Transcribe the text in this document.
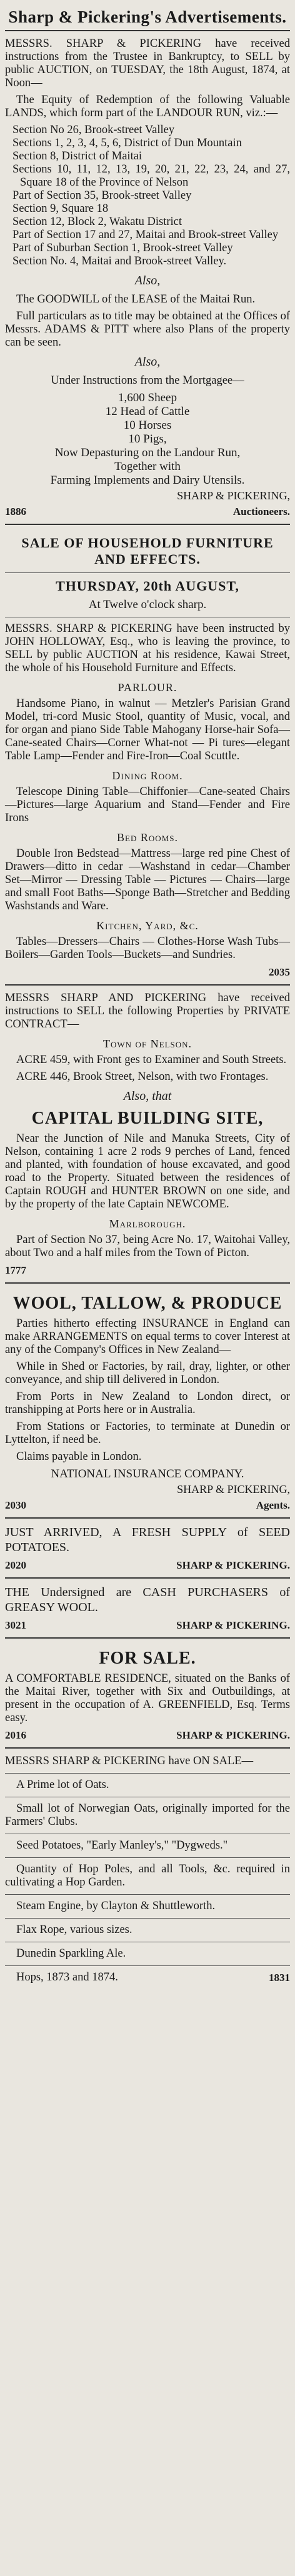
Sharp & Pickering's Advertisements.

MESSRS. SHARP & PICKERING have received instructions from the Trustee in Bankruptcy, to SELL by public AUCTION, on TUESDAY, the 18th August, 1874, at Noon—

The Equity of Redemption of the following Valuable LANDS, which form part of the LANDOUR RUN, viz.:—

Section No 26, Brook-street Valley
Sections 1, 2, 3, 4, 5, 6, District of Dun Mountain
Section 8, District of Maitai
Sections 10, 11, 12, 13, 19, 20, 21, 22, 23, 24, and 27, Square 18 of the Province of Nelson
Part of Section 35, Brook-street Valley
Section 9, Square 18
Section 12, Block 2, Wakatu District
Part of Section 17 and 27, Maitai and Brook-street Valley
Part of Suburban Section 1, Brook-street Valley
Section No. 4, Maitai and Brook-street Valley.
Also,

The GOODWILL of the LEASE of the Maitai Run.

Full particulars as to title may be obtained at the Offices of Messrs. ADAMS & PITT where also Plans of the property can be seen.

Also,

Under Instructions from the Mortgagee—

1,600 Sheep

12 Head of Cattle

10 Horses

10 Pigs,

Now Depasturing on the Landour Run,

Together with

Farming Implements and Dairy Utensils.

SHARP & PICKERING,
1886	Auctioneers.
SALE OF HOUSEHOLD FURNITURE AND EFFECTS.
THURSDAY, 20th AUGUST,

At Twelve o'clock sharp.

MESSRS. SHARP & PICKERING have been instructed by JOHN HOLLOWAY, Esq., who is leaving the province, to SELL by public AUCTION at his residence, Kawai Street, the whole of his Household Furniture and Effects.

PARLOUR.

Handsome Piano, in walnut — Metzler's Parisian Grand Model, tri-cord Music Stool, quantity of Music, vocal, and for organ and piano Side Table Mahogany Horse-hair Sofa—Cane-seated Chairs—Corner What-not — Pi tures—elegant Table Lamp—Fender and Fire-Iron—Coal Scuttle.

Dining Room.

Telescope Dining Table—Chiffonier—Cane-seated Chairs—Pictures—large Aquarium and Stand—Fender and Fire Irons

Bed Rooms.

Double Iron Bedstead—Mattress—large red pine Chest of Drawers—ditto in cedar —Washstand in cedar—Chamber Set—Mirror — Dressing Table — Pictures — Chairs—large and small Foot Baths—Sponge Bath—Stretcher and Bedding Washstands and Ware.

Kitchen, Yard, &c.

Tables—Dressers—Chairs — Clothes-Horse Wash Tubs—Boilers—Garden Tools—Buckets—and Sundries.

2035

MESSRS SHARP AND PICKERING have received instructions to SELL the following Properties by PRIVATE CONTRACT—

Town of Nelson.

ACRE 459, with Front ges to Examiner and South Streets.

ACRE 446, Brook Street, Nelson, with two Frontages.

Also, that
CAPITAL BUILDING SITE,

Near the Junction of Nile and Manuka Streets, City of Nelson, containing 1 acre 2 rods 9 perches of Land, fenced and planted, with foundation of house excavated, and good road to the Property. Situated between the residences of Captain ROUGH and HUNTER BROWN on one side, and by the property of the late Captain NEWCOME.

Marlborough.

Part of Section No 37, being Acre No. 17, Waitohai Valley, about Two and a half miles from the Town of Picton.

1777
WOOL, TALLOW, & PRODUCE

Parties hitherto effecting INSURANCE in England can make ARRANGEMENTS on equal terms to cover Interest at any of the Company's Offices in New Zealand—

While in Shed or Factories, by rail, dray, lighter, or other conveyance, and ship till delivered in London.

From Ports in New Zealand to London direct, or transhipping at Ports here or in Australia.

From Stations or Factories, to terminate at Dunedin or Lyttelton, if need be.

Claims payable in London.

NATIONAL INSURANCE COMPANY.

SHARP & PICKERING,
2030	Agents.

JUST ARRIVED, A FRESH SUPPLY of SEED POTATOES.

2020	SHARP & PICKERING.

THE Undersigned are CASH PURCHASERS of GREASY WOOL.

3021	SHARP & PICKERING.
FOR SALE.

A COMFORTABLE RESIDENCE, situated on the Banks of the Maitai River, together with Six and Outbuildings, at present in the occupation of A. GREENFIELD, Esq. Terms easy.

2016	SHARP & PICKERING.

MESSRS SHARP & PICKERING have ON SALE—

A Prime lot of Oats.

Small lot of Norwegian Oats, originally imported for the Farmers' Clubs.

Seed Potatoes, "Early Manley's," "Dygweds."

Quantity of Hop Poles, and all Tools, &c. required in cultivating a Hop Garden.

Steam Engine, by Clayton & Shuttleworth.

Flax Rope, various sizes.

Dunedin Sparkling Ale.

Hops, 1873 and 1874.	1831
